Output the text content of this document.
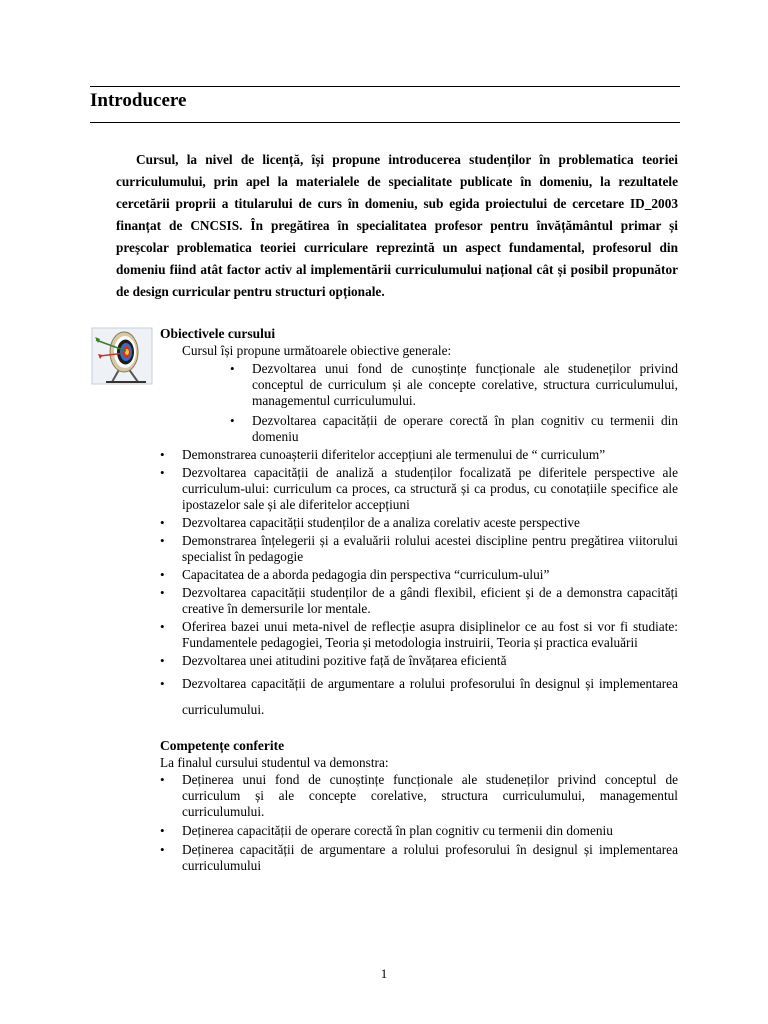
Introducere

Cursul, la nivel de licență, își propune introducerea studenților în problematica teoriei curriculumului, prin apel la materialele de specialitate publicate în domeniu, la rezultatele cercetării proprii a titularului de curs în domeniu, sub egida proiectului de cercetare ID_2003 finanțat de CNCSIS. În pregătirea în specialitatea profesor pentru învățământul primar și preșcolar problematica teoriei curriculare reprezintă un aspect fundamental, profesorul din domeniu fiind atât factor activ al implementării curriculumului național cât și posibil propunător de design curricular pentru structuri opționale.

Obiectivele cursului

Cursul își propune următoarele obiective generale:

• Dezvoltarea unui fond de cunoștințe funcționale ale studeneților privind conceptul de curriculum și ale concepte corelative, structura curriculumului, managementul curriculumului.
• Dezvoltarea capacității de operare corectă în plan cognitiv cu termenii din domeniu
• Demonstrarea cunoașterii diferitelor accepțiuni ale termenului de “ curriculum”
• Dezvoltarea capacității de analiză a studenților focalizată pe diferitele perspective ale curriculum-ului: curriculum ca proces, ca structură și ca produs, cu conotațiile specifice ale ipostazelor sale și ale diferitelor accepțiuni
• Dezvoltarea capacității studenților de a analiza corelativ aceste perspective
• Demonstrarea înțelegerii și a evaluării rolului acestei discipline pentru pregătirea viitorului specialist în pedagogie
• Capacitatea de a aborda pedagogia din perspectiva “curriculum-ului”
• Dezvoltarea capacității studenților de a gândi flexibil, eficient și de a demonstra capacități creative în demersurile lor mentale.
• Oferirea bazei unui meta-nivel de reflecție asupra disiplinelor ce au fost si vor fi studiate: Fundamentele pedagogiei, Teoria și metodologia instruirii, Teoria și practica evaluării
• Dezvoltarea unei atitudini pozitive față de învățarea eficientă
• Dezvoltarea capacității de argumentare a rolului profesorului în designul și implementarea curriculumului.

Competențe conferite

La finalul cursului studentul va demonstra:

• Deținerea unui fond de cunoștințe funcționale ale studeneților privind conceptul de curriculum și ale concepte corelative, structura curriculumului, managementul curriculumului.
• Deținerea capacității de operare corectă în plan cognitiv cu termenii din domeniu
• Deținerea capacității de argumentare a rolului profesorului în designul și implementarea curriculumului
1
